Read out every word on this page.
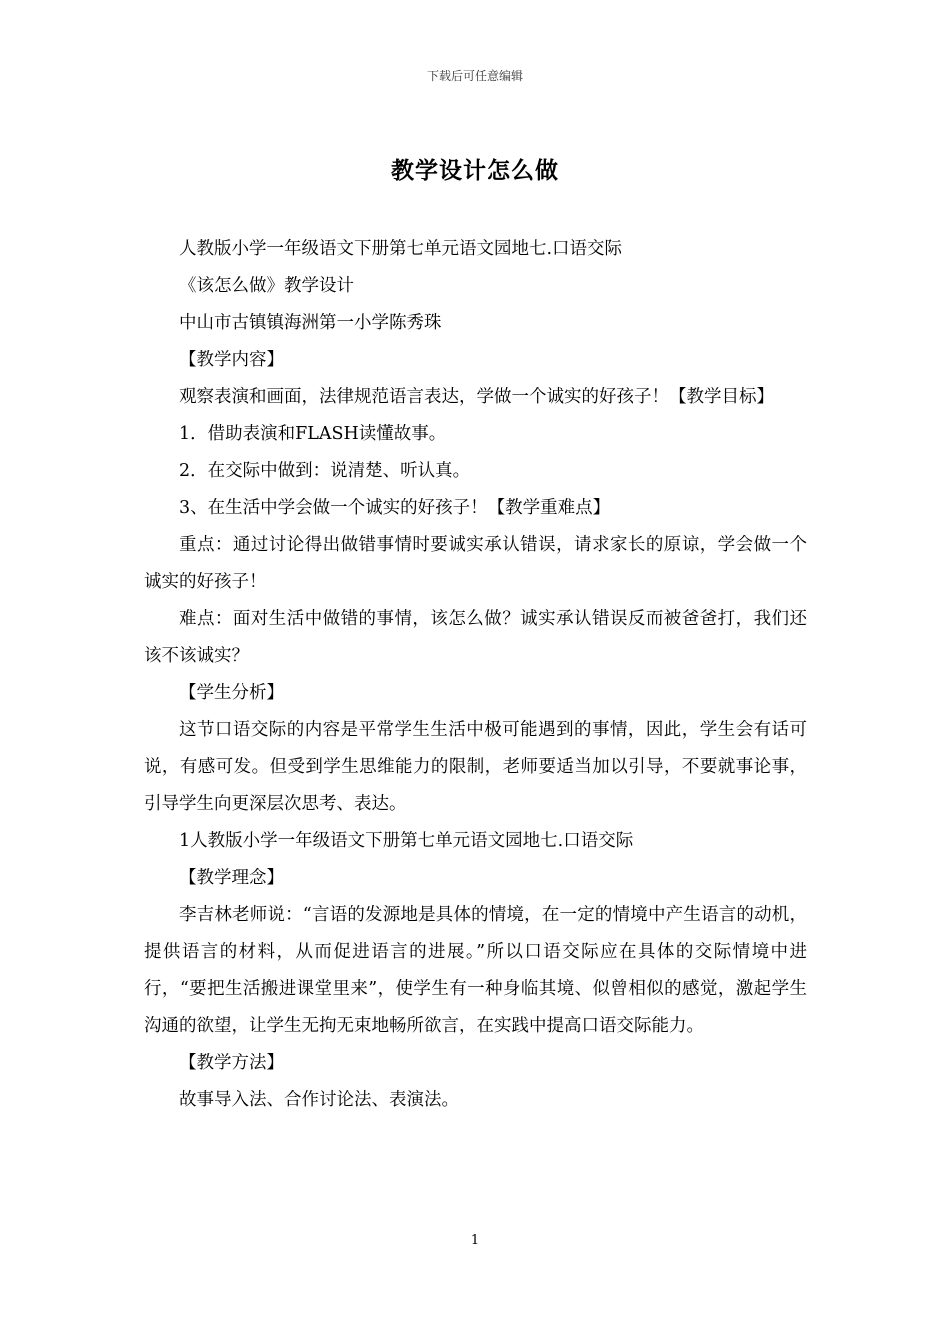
下载后可任意编辑
教学设计怎么做

人教版小学一年级语文下册第七单元语文园地七.口语交际

《该怎么做》教学设计

中山市古镇镇海洲第一小学陈秀珠

【教学内容】

观察表演和画面，法律规范语言表达，学做一个诚实的好孩子！【教学目标】

1．借助表演和FLASH读懂故事。

2．在交际中做到：说清楚、听认真。

3、在生活中学会做一个诚实的好孩子！【教学重难点】

重点：通过讨论得出做错事情时要诚实承认错误，请求家长的原谅，学会做一个诚实的好孩子！

难点：面对生活中做错的事情，该怎么做？诚实承认错误反而被爸爸打，我们还该不该诚实？

【学生分析】

这节口语交际的内容是平常学生生活中极可能遇到的事情，因此，学生会有话可说，有感可发。但受到学生思维能力的限制，老师要适当加以引导，不要就事论事，引导学生向更深层次思考、表达。

1人教版小学一年级语文下册第七单元语文园地七.口语交际

【教学理念】

李吉林老师说：“言语的发源地是具体的情境，在一定的情境中产生语言的动机，提供语言的材料，从而促进语言的进展。”所以口语交际应在具体的交际情境中进行，“要把生活搬进课堂里来”，使学生有一种身临其境、似曾相似的感觉，激起学生沟通的欲望，让学生无拘无束地畅所欲言，在实践中提高口语交际能力。

【教学方法】

故事导入法、合作讨论法、表演法。

1
